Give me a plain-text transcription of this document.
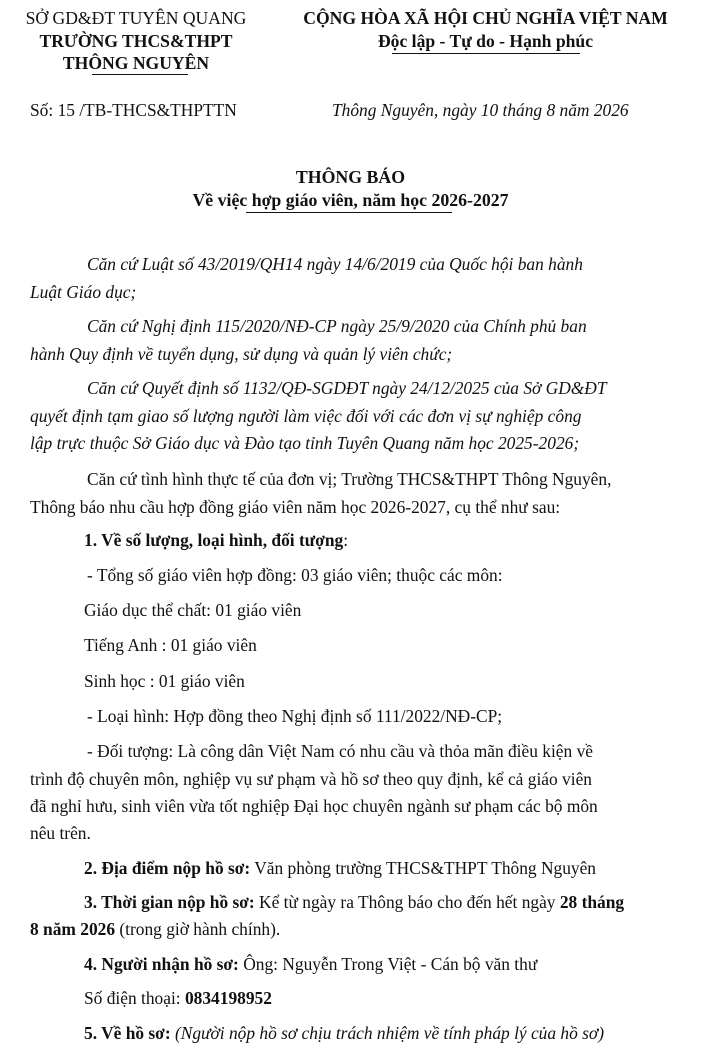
SỞ GD&ĐT TUYÊN QUANG
TRƯỜNG THCS&THPT
THÔNG NGUYÊN
CỘNG HÒA XÃ HỘI CHỦ NGHĨA VIỆT NAM
Độc lập - Tự do - Hạnh phúc
Số: 15 /TB-THCS&THPTTN	Thông Nguyên, ngày 10 tháng 8 năm 2026
THÔNG BÁO
Về việc hợp giáo viên, năm học 2026-2027
Căn cứ Luật số 43/2019/QH14 ngày 14/6/2019 của Quốc hội ban hành
Luật Giáo dục;
Căn cứ Nghị định 115/2020/NĐ-CP ngày 25/9/2020 của Chính phủ ban
hành Quy định về tuyển dụng, sử dụng và quản lý viên chức;
Căn cứ Quyết định số 1132/QĐ-SGDĐT ngày 24/12/2025 của Sở GD&ĐT
quyết định tạm giao số lượng người làm việc đối với các đơn vị sự nghiệp công
lập trực thuộc Sở Giáo dục và Đào tạo tỉnh Tuyên Quang năm học 2025-2026;
Căn cứ tình hình thực tế của đơn vị; Trường THCS&THPT Thông Nguyên,
Thông báo nhu cầu hợp đồng giáo viên năm học 2026-2027, cụ thể như sau:
1. Về số lượng, loại hình, đối tượng:
- Tổng số giáo viên hợp đồng: 03 giáo viên; thuộc các môn:
Giáo dục thể chất: 01 giáo viên
Tiếng Anh : 01 giáo viên
Sinh học : 01 giáo viên
- Loại hình: Hợp đồng theo Nghị định số 111/2022/NĐ-CP;
- Đối tượng: Là công dân Việt Nam có nhu cầu và thỏa mãn điều kiện về
trình độ chuyên môn, nghiệp vụ sư phạm và hồ sơ theo quy định, kể cả giáo viên
đã nghỉ hưu, sinh viên vừa tốt nghiệp Đại học chuyên ngành sư phạm các bộ môn
nêu trên.
2. Địa điểm nộp hồ sơ: Văn phòng trường THCS&THPT Thông Nguyên
3. Thời gian nộp hồ sơ: Kể từ ngày ra Thông báo cho đến hết ngày 28 tháng
8 năm 2026 (trong giờ hành chính).
4. Người nhận hồ sơ: Ông: Nguyễn Trong Việt - Cán bộ văn thư
Số điện thoại: 0834198952
5. Về hồ sơ: (Người nộp hồ sơ chịu trách nhiệm về tính pháp lý của hồ sơ)
